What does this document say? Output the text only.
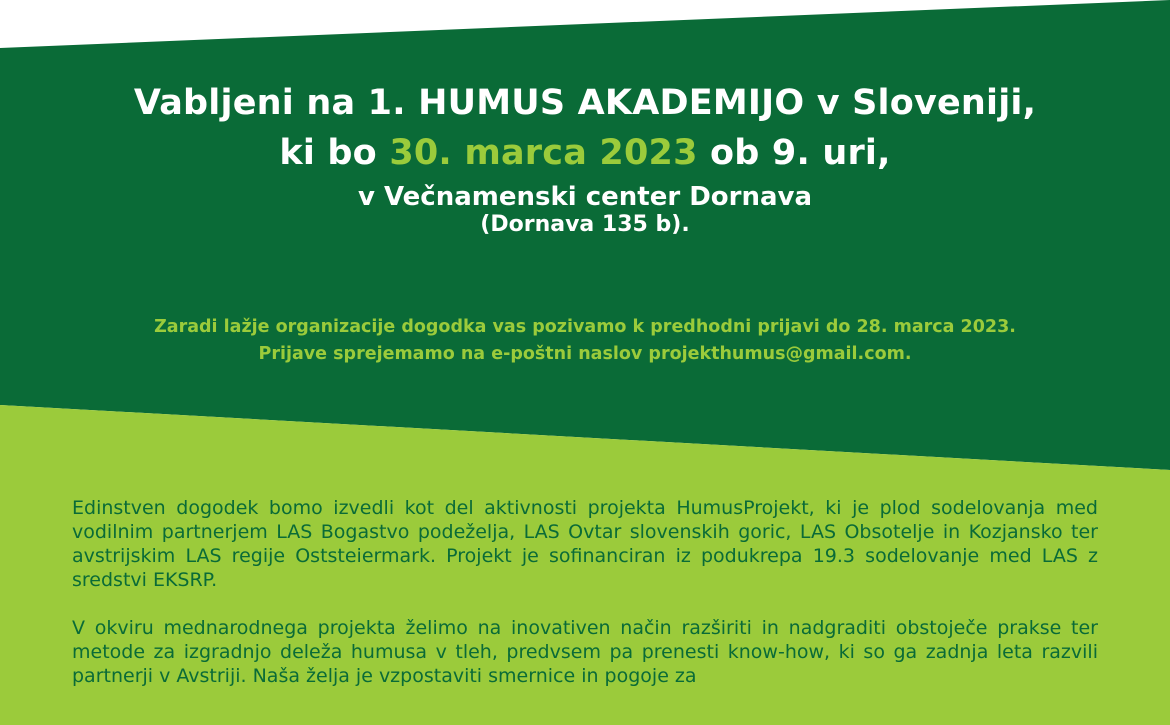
Vabljeni na 1. HUMUS AKADEMIJO v Sloveniji,
ki bo 30. marca 2023 ob 9. uri,
v Večnamenski center Dornava
(Dornava 135 b).
Zaradi lažje organizacije dogodka vas pozivamo k predhodni prijavi do 28. marca 2023.
Prijave sprejemamo na e-poštni naslov projekthumus@gmail.com.

Edinstven dogodek bomo izvedli kot del aktivnosti projekta HumusProjekt, ki je plod sodelovanja med vodilnim partnerjem LAS Bogastvo podeželja, LAS Ovtar slovenskih goric, LAS Obsotelje in Kozjansko ter avstrijskim LAS regije Oststeiermark. Projekt je sofinanciran iz podukrepa 19.3 sodelovanje med LAS z sredstvi EKSRP.

V okviru mednarodnega projekta želimo na inovativen način razširiti in nadgraditi obstoječe prakse ter metode za izgradnjo deleža humusa v tleh, predvsem pa prenesti know-how, ki so ga zadnja leta razvili partnerji v Avstriji. Naša želja je vzpostaviti smernice in pogoje za
